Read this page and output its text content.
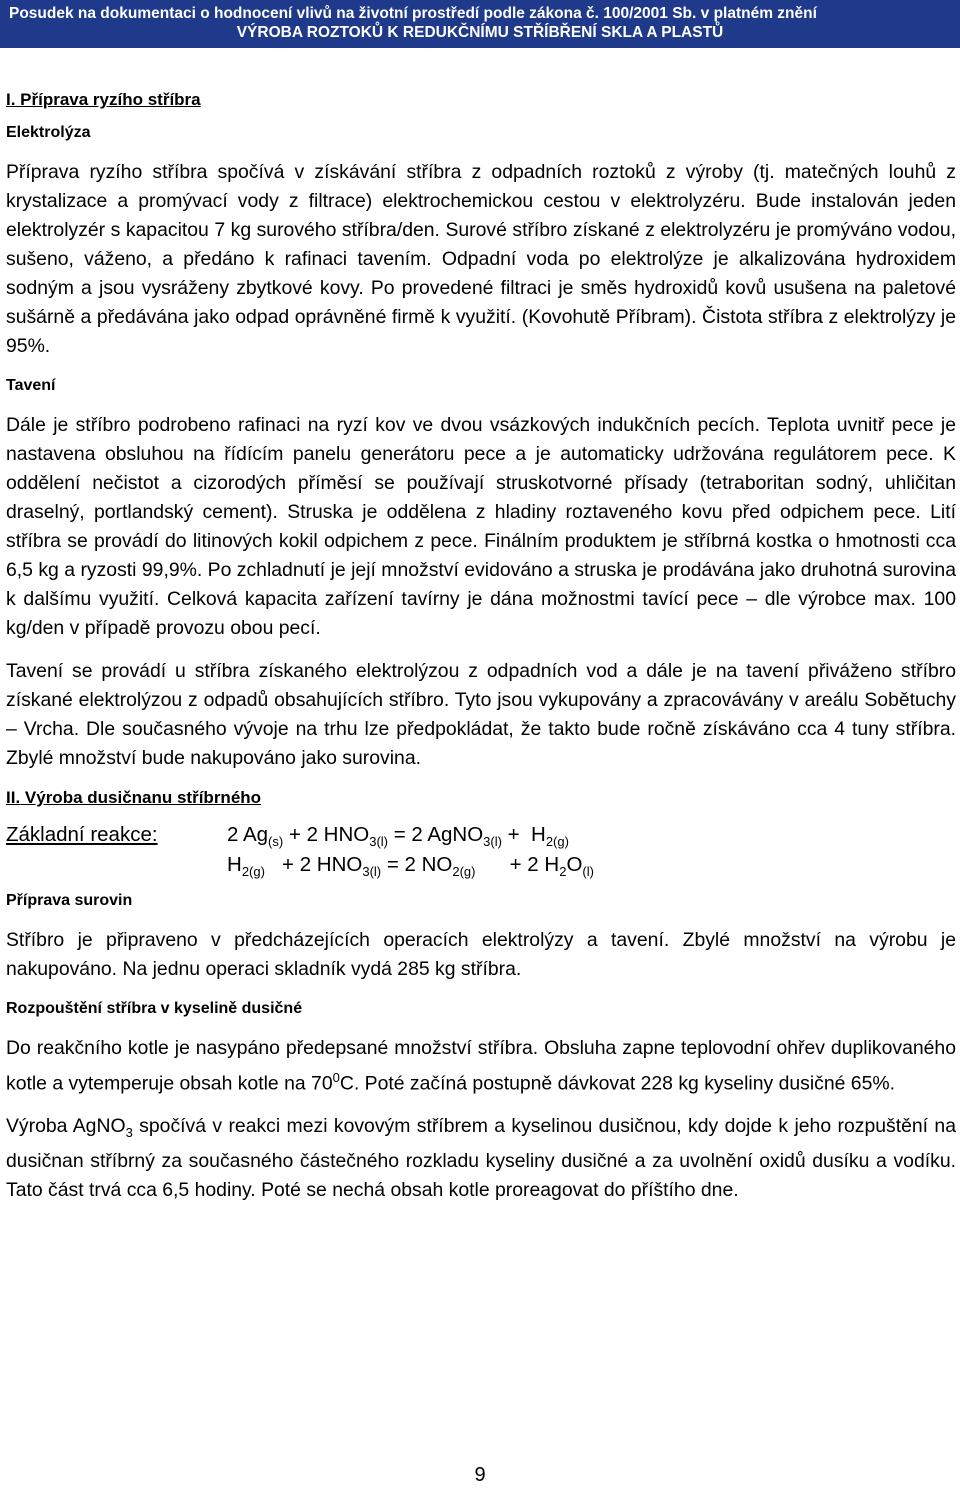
Posudek na dokumentaci o hodnocení vlivů na životní prostředí podle zákona č. 100/2001 Sb. v platném znění
VÝROBA ROZTOKŮ K REDUKČNÍMU STŘÍBŘENÍ SKLA A PLASTŮ
I. Příprava ryzího stříbra
Elektrolýza

Příprava ryzího stříbra spočívá v získávání stříbra z odpadních roztoků z výroby (tj. matečných louhů z krystalizace a promývací vody z filtrace) elektrochemickou cestou v elektrolyzéru. Bude instalován jeden elektrolyzér s kapacitou 7 kg surového stříbra/den. Surové stříbro získané z elektrolyzéru je promýváno vodou, sušeno, váženo, a předáno k rafinaci tavením. Odpadní voda po elektrolýze je alkalizována hydroxidem sodným a jsou vysráženy zbytkové kovy. Po provedené filtraci je směs hydroxidů kovů usušena na paletové sušárně a předávána jako odpad oprávněné firmě k využití. (Kovohutě Příbram). Čistota stříbra z elektrolýzy je 95%.

Tavení

Dále je stříbro podrobeno rafinaci na ryzí kov ve dvou vsázkových indukčních pecích. Teplota uvnitř pece je nastavena obsluhou na řídícím panelu generátoru pece a je automaticky udržována regulátorem pece. K oddělení nečistot a cizorodých příměsí se používají struskotvorné přísady (tetraboritan sodný, uhličitan draselný, portlandský cement). Struska je oddělena z hladiny roztaveného kovu před odpichem pece. Lití stříbra se provádí do litinových kokil odpichem z pece. Finálním produktem je stříbrná kostka o hmotnosti cca 6,5 kg a ryzosti 99,9%. Po zchladnutí je její množství evidováno a struska je prodávána jako druhotná surovina k dalšímu využití. Celková kapacita zařízení tavírny je dána možnostmi tavící pece – dle výrobce max. 100 kg/den v případě provozu obou pecí.

Tavení se provádí u stříbra získaného elektrolýzou z odpadních vod a dále je na tavení přiváženo stříbro získané elektrolýzou z odpadů obsahujících stříbro. Tyto jsou vykupovány a zpracovávány v areálu Sobětuchy – Vrcha. Dle současného vývoje na trhu lze předpokládat, že takto bude ročně získáváno cca 4 tuny stříbra. Zbylé množství bude nakupováno jako surovina.

II. Výroba dusičnanu stříbrného
Základní reakce:	2 $Ag_{(s)} + 2$ $HNO_{3(l)} = 2$ AgNO$_{3(l)}$ +  $H_{2(g)}$
$H_{2(g)} + 2$ $HNO_{3(l)} = 2$ $NO_{2(g)}$      + 2 $H_2O_{(l)}$
Příprava surovin

Stříbro je připraveno v předcházejících operacích elektrolýzy a tavení. Zbylé množství na výrobu je nakupováno. Na jednu operaci skladník vydá 285 kg stříbra.

Rozpouštění stříbra v kyselině dusičné

Do reakčního kotle je nasypáno předepsané množství stříbra. Obsluha zapne teplovodní ohřev duplikovaného kotle a vytemperuje obsah kotle na $70^0C$. Poté začíná postupně dávkovat 228 kg kyseliny dusičné 65%.

Výroba AgNO$_3$ spočívá v reakci mezi kovovým stříbrem a kyselinou dusičnou, kdy dojde k jeho rozpuštění na dusičnan stříbrný za současného částečného rozkladu kyseliny dusičné a za uvolnění oxidů dusíku a vodíku. Tato část trvá cca 6,5 hodiny. Poté se nechá obsah kotle proreagovat do příštího dne.

9
